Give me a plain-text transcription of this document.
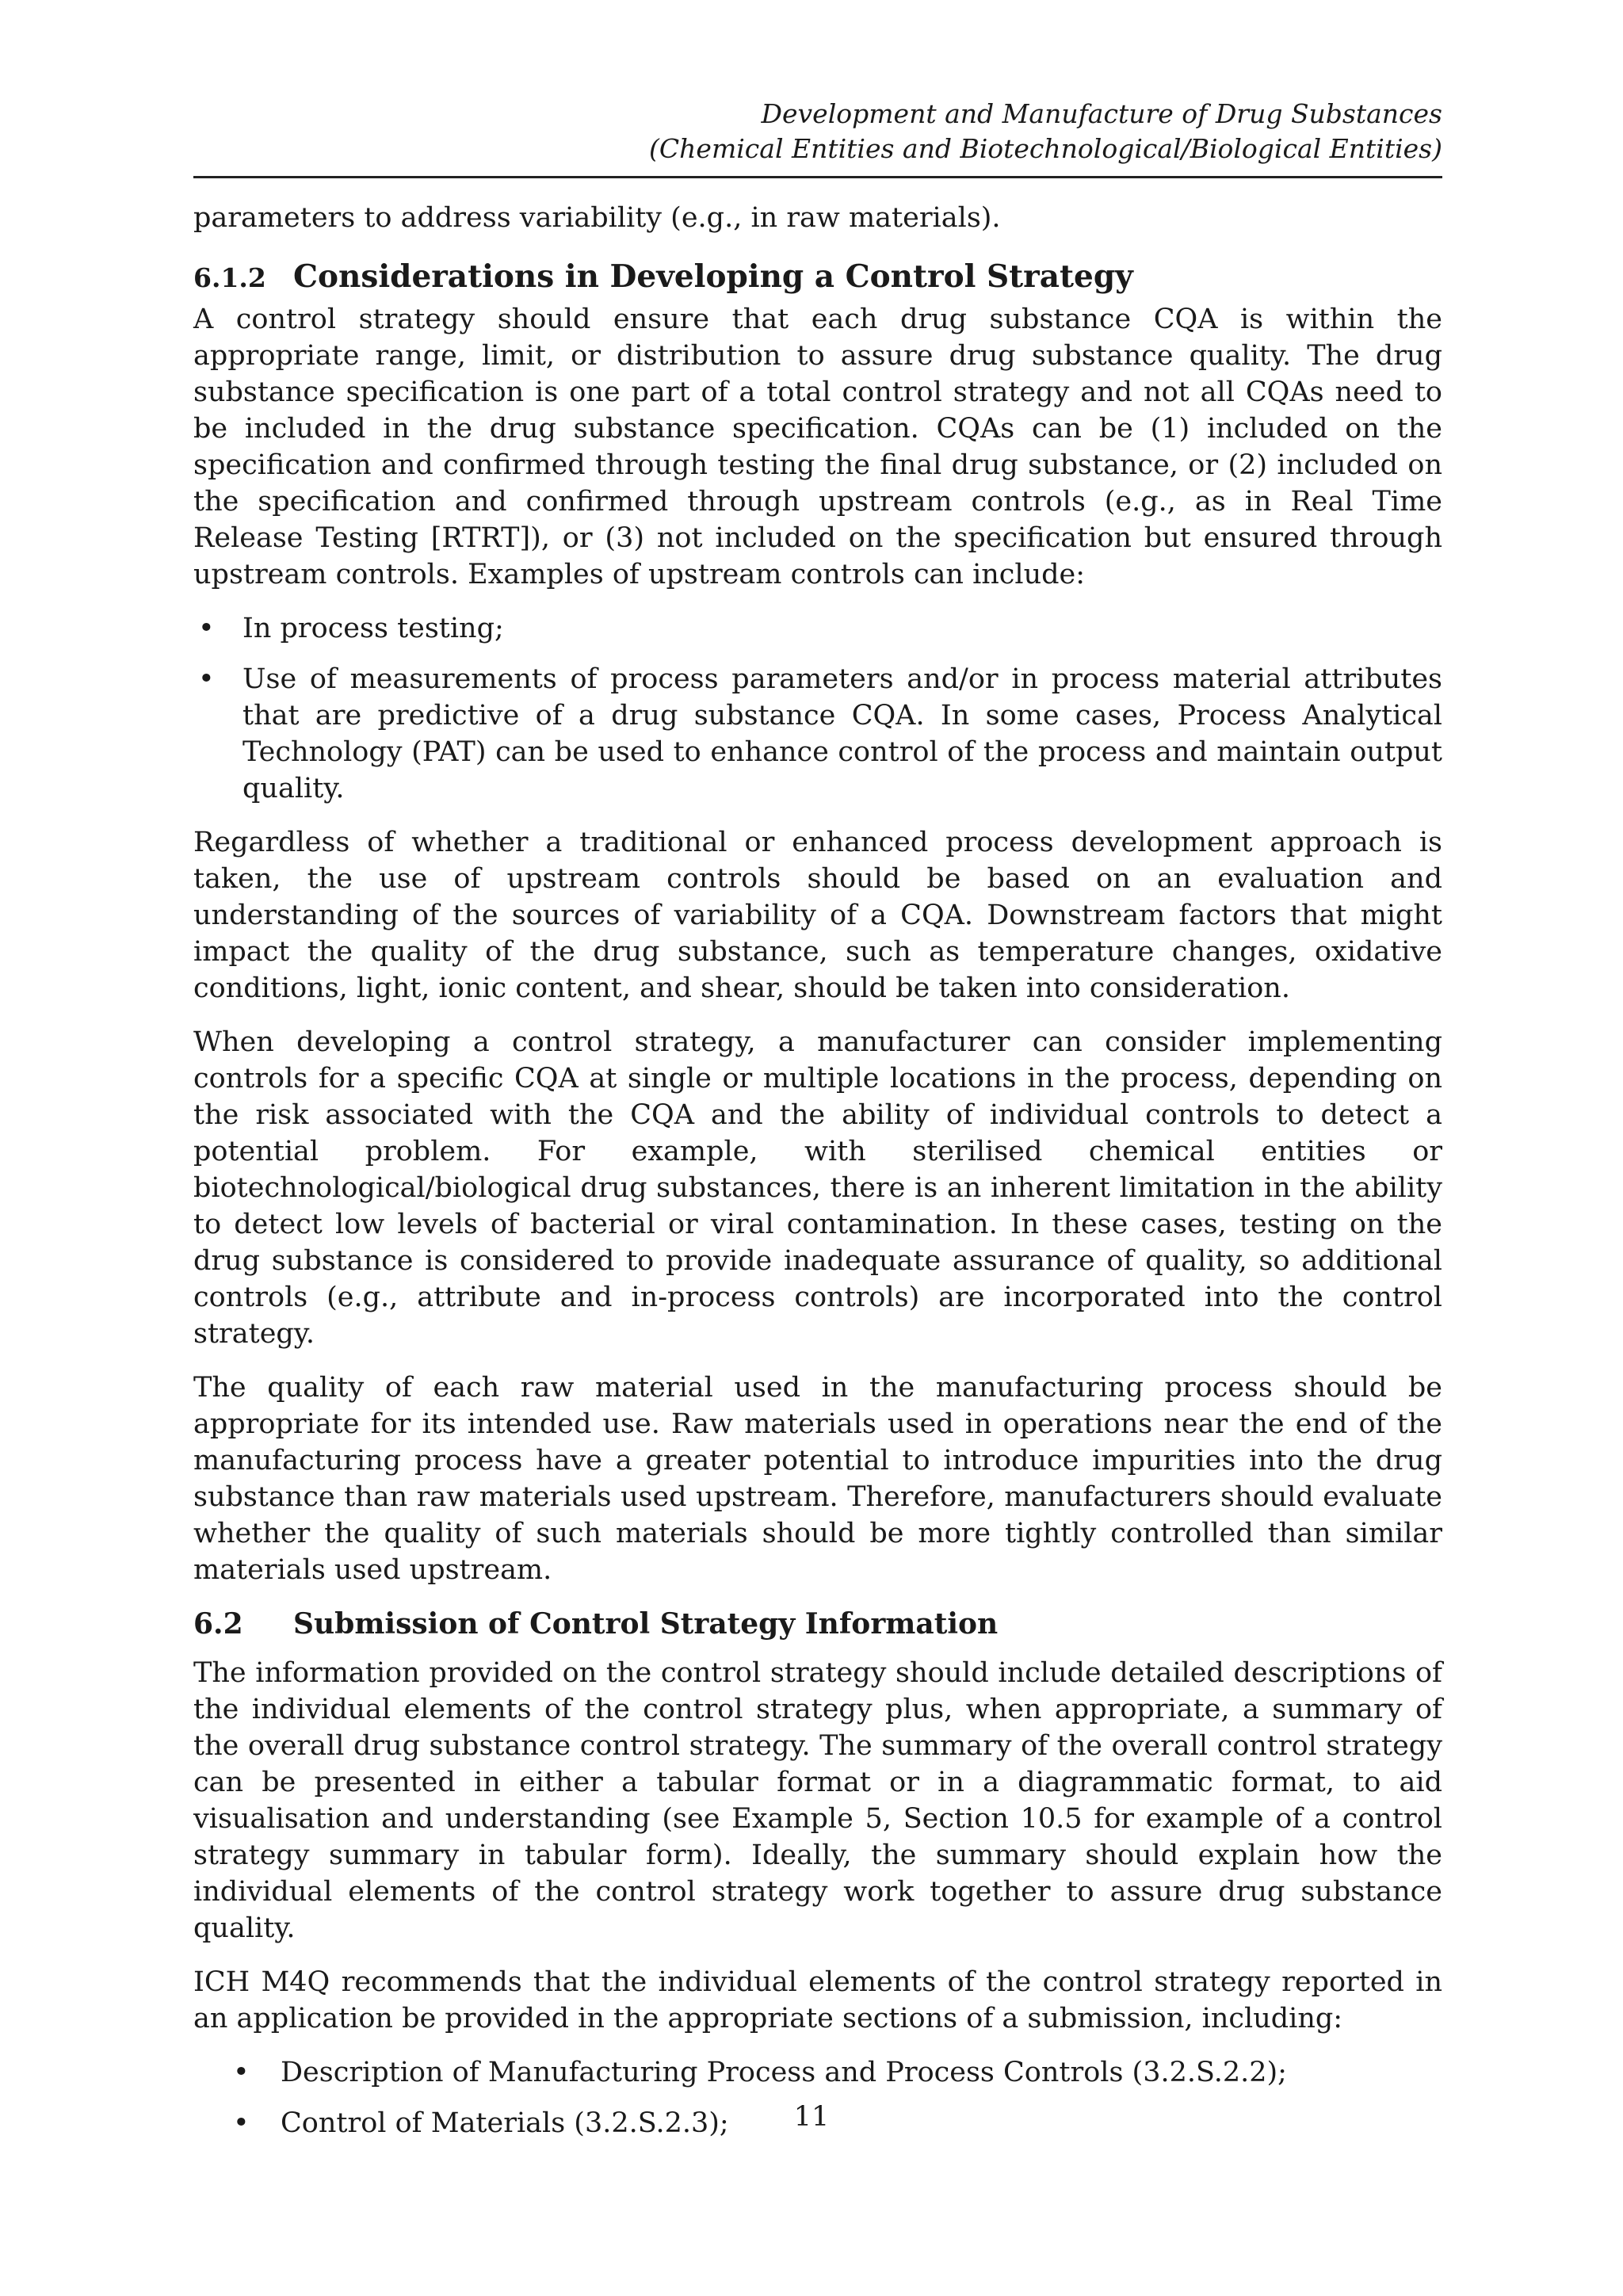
Development and Manufacture of Drug Substances
(Chemical Entities and Biotechnological/Biological Entities)

parameters to address variability (e.g., in raw materials).

6.1.2 Considerations in Developing a Control Strategy

A control strategy should ensure that each drug substance CQA is within the appropriate range, limit, or distribution to assure drug substance quality. The drug substance specification is one part of a total control strategy and not all CQAs need to be included in the drug substance specification. CQAs can be (1) included on the specification and confirmed through testing the final drug substance, or (2) included on the specification and confirmed through upstream controls (e.g., as in Real Time Release Testing [RTRT]), or (3) not included on the specification but ensured through upstream controls. Examples of upstream controls can include:

• In process testing;
• Use of measurements of process parameters and/or in process material attributes that are predictive of a drug substance CQA. In some cases, Process Analytical Technology (PAT) can be used to enhance control of the process and maintain output quality.

Regardless of whether a traditional or enhanced process development approach is taken, the use of upstream controls should be based on an evaluation and understanding of the sources of variability of a CQA. Downstream factors that might impact the quality of the drug substance, such as temperature changes, oxidative conditions, light, ionic content, and shear, should be taken into consideration.

When developing a control strategy, a manufacturer can consider implementing controls for a specific CQA at single or multiple locations in the process, depending on the risk associated with the CQA and the ability of individual controls to detect a potential problem. For example, with sterilised chemical entities or biotechnological/biological drug substances, there is an inherent limitation in the ability to detect low levels of bacterial or viral contamination. In these cases, testing on the drug substance is considered to provide inadequate assurance of quality, so additional controls (e.g., attribute and in-process controls) are incorporated into the control strategy.

The quality of each raw material used in the manufacturing process should be appropriate for its intended use. Raw materials used in operations near the end of the manufacturing process have a greater potential to introduce impurities into the drug substance than raw materials used upstream. Therefore, manufacturers should evaluate whether the quality of such materials should be more tightly controlled than similar materials used upstream.

6.2 Submission of Control Strategy Information

The information provided on the control strategy should include detailed descriptions of the individual elements of the control strategy plus, when appropriate, a summary of the overall drug substance control strategy. The summary of the overall control strategy can be presented in either a tabular format or in a diagrammatic format, to aid visualisation and understanding (see Example 5, Section 10.5 for example of a control strategy summary in tabular form). Ideally, the summary should explain how the individual elements of the control strategy work together to assure drug substance quality.

ICH M4Q recommends that the individual elements of the control strategy reported in an application be provided in the appropriate sections of a submission, including:

• Description of Manufacturing Process and Process Controls (3.2.S.2.2);
• Control of Materials (3.2.S.2.3);	11
